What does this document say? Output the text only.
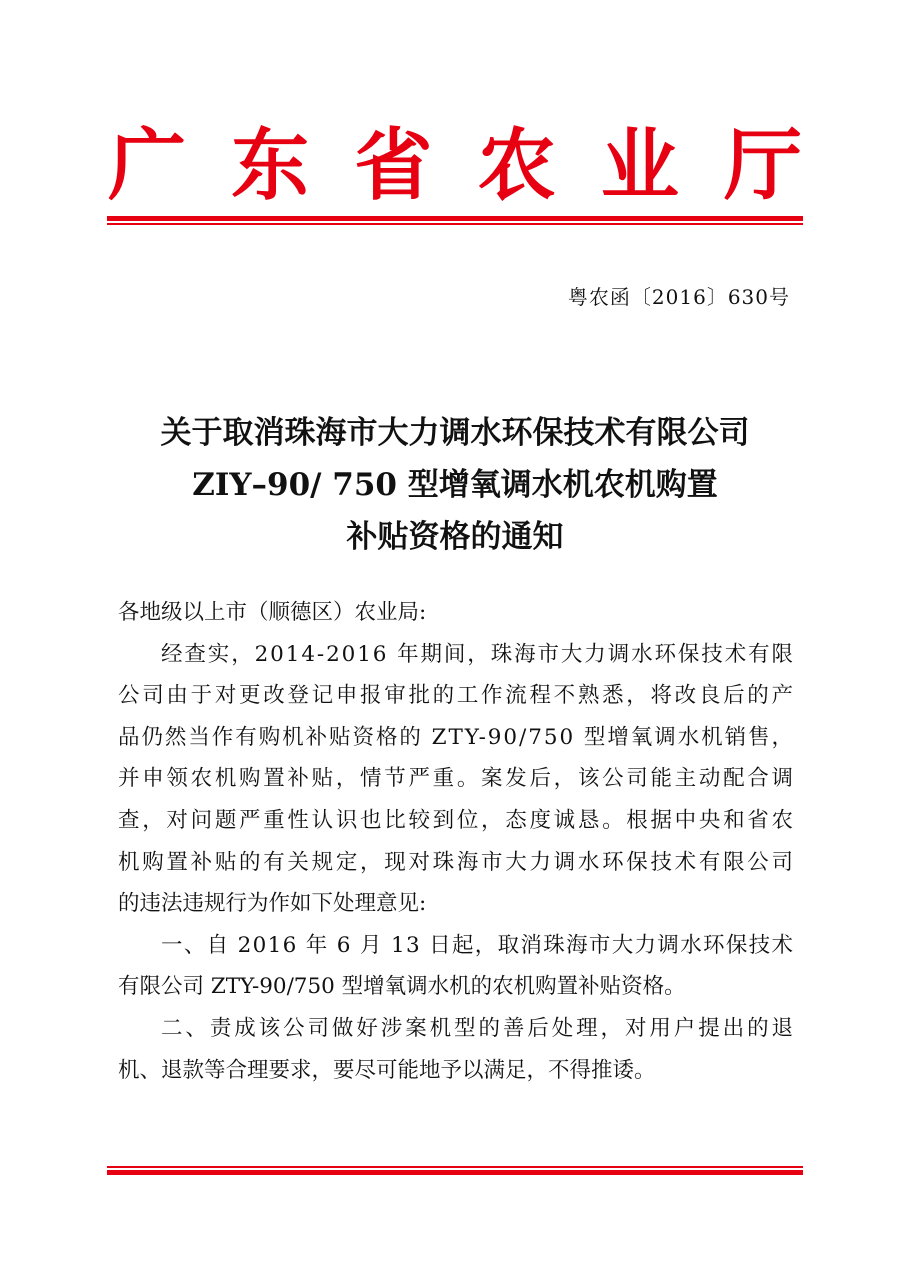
广 东 省 农 业 厅
粤农函〔2016〕630号
关于取消珠海市大力调水环保技术有限公司
ZIY–90/ 750 型增氧调水机农机购置
补贴资格的通知
各地级以上市（顺德区）农业局:
经查实，2014-2016 年期间，珠海市大力调水环保技术有限
公司由于对更改登记申报审批的工作流程不熟悉，将改良后的产
品仍然当作有购机补贴资格的 ZTY-90/750 型增氧调水机销售，
并申领农机购置补贴，情节严重。案发后，该公司能主动配合调
查，对问题严重性认识也比较到位，态度诚恳。根据中央和省农
机购置补贴的有关规定，现对珠海市大力调水环保技术有限公司
的违法违规行为作如下处理意见:
一、自 2016 年 6 月 13 日起，取消珠海市大力调水环保技术
有限公司 ZTY-90/750 型增氧调水机的农机购置补贴资格。
二、责成该公司做好涉案机型的善后处理，对用户提出的退
机、退款等合理要求，要尽可能地予以满足，不得推诿。
